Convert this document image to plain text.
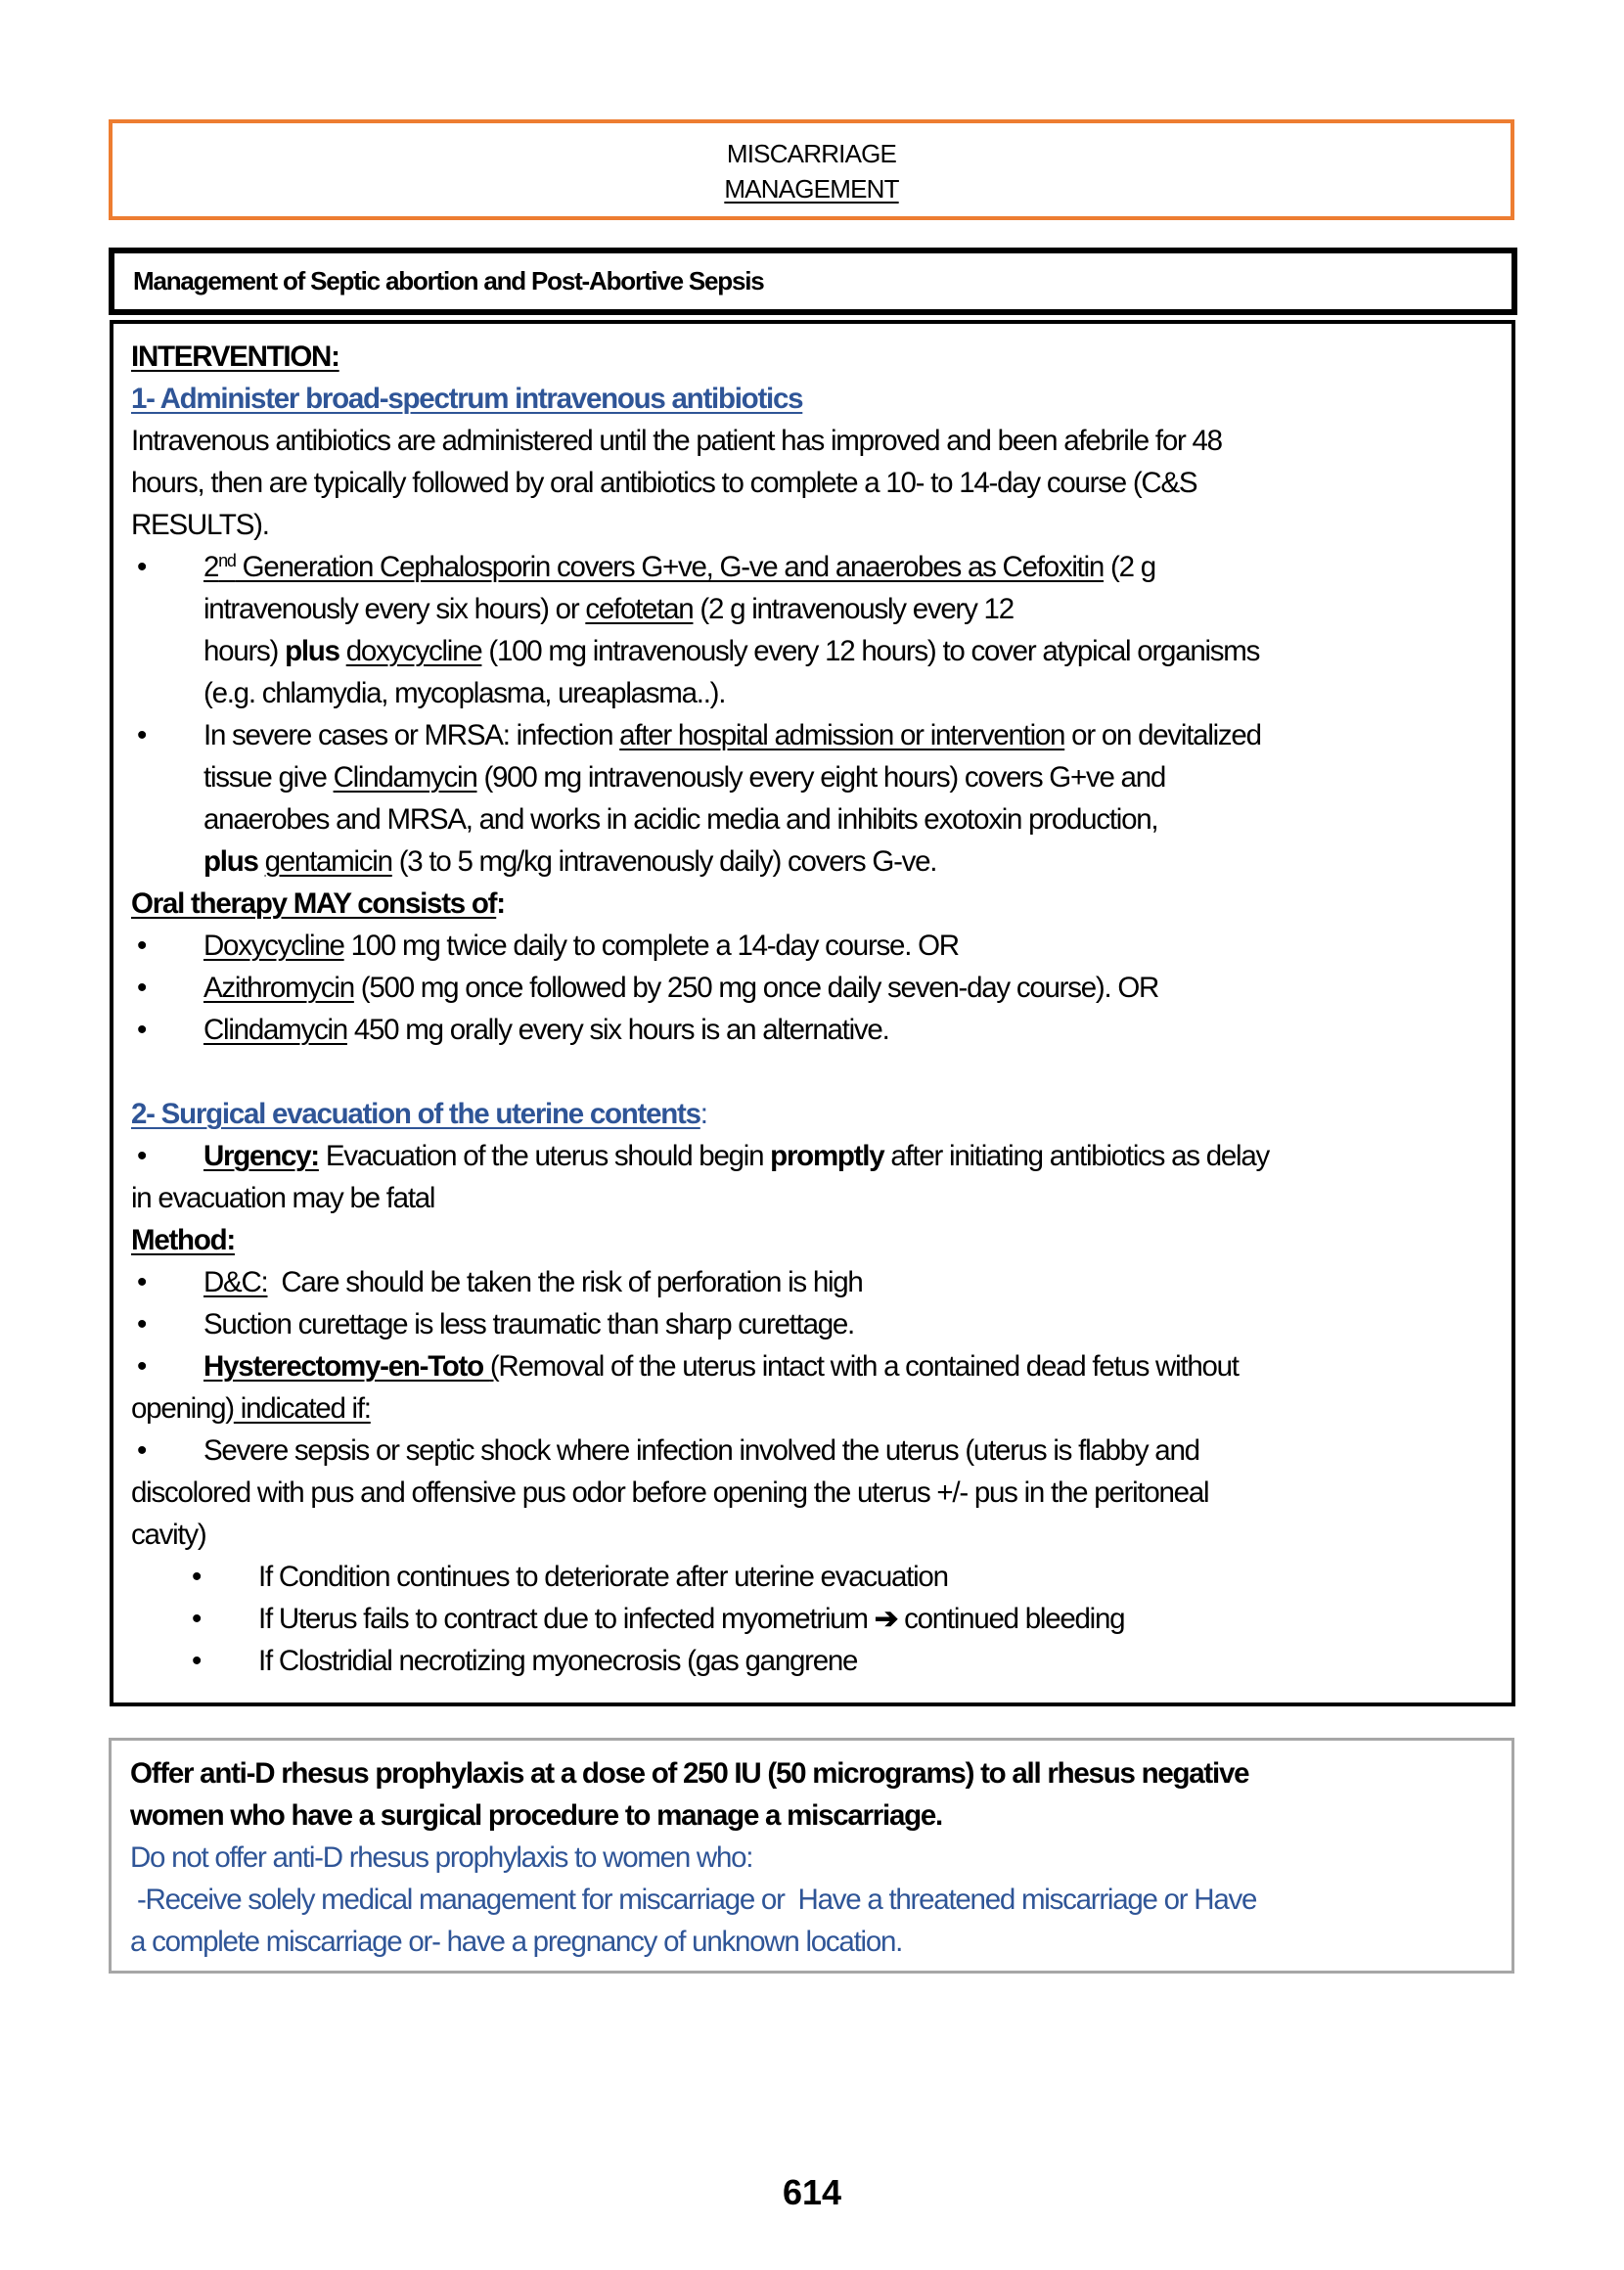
MISCARRIAGE
MANAGEMENT
Management of Septic abortion and Post-Abortive Sepsis
INTERVENTION:
1- Administer broad-spectrum intravenous antibiotics
Intravenous antibiotics are administered until the patient has improved and been afebrile for 48
hours, then are typically followed by oral antibiotics to complete a 10- to 14-day course (C&S
RESULTS).
• 2nd Generation Cephalosporin covers G+ve, G-ve and anaerobes as Cefoxitin (2 g
intravenously every six hours) or cefotetan (2 g intravenously every 12
hours) plus doxycycline (100 mg intravenously every 12 hours) to cover atypical organisms
(e.g. chlamydia, mycoplasma, ureaplasma..).
• In severe cases or MRSA: infection after hospital admission or intervention or on devitalized
tissue give Clindamycin (900 mg intravenously every eight hours) covers G+ve and
anaerobes and MRSA, and works in acidic media and inhibits exotoxin production,
plus gentamicin (3 to 5 mg/kg intravenously daily) covers G-ve.
Oral therapy MAY consists of:
• Doxycycline 100 mg twice daily to complete a 14-day course. OR
• Azithromycin (500 mg once followed by 250 mg once daily seven-day course). OR
• Clindamycin 450 mg orally every six hours is an alternative.
2- Surgical evacuation of the uterine contents:
• Urgency: Evacuation of the uterus should begin promptly after initiating antibiotics as delay
in evacuation may be fatal
Method:
• D&C:  Care should be taken the risk of perforation is high
• Suction curettage is less traumatic than sharp curettage.
• Hysterectomy-en-Toto (Removal of the uterus intact with a contained dead fetus without
opening) indicated if:
• Severe sepsis or septic shock where infection involved the uterus (uterus is flabby and
discolored with pus and offensive pus odor before opening the uterus +/- pus in the peritoneal
cavity)
• If Condition continues to deteriorate after uterine evacuation
• If Uterus fails to contract due to infected myometrium ➔ continued bleeding
• If Clostridial necrotizing myonecrosis (gas gangrene
Offer anti-D rhesus prophylaxis at a dose of 250 IU (50 micrograms) to all rhesus negative
women who have a surgical procedure to manage a miscarriage.
Do not offer anti-D rhesus prophylaxis to women who:
-Receive solely medical management for miscarriage or  Have a threatened miscarriage or Have
a complete miscarriage or- have a pregnancy of unknown location.
614
